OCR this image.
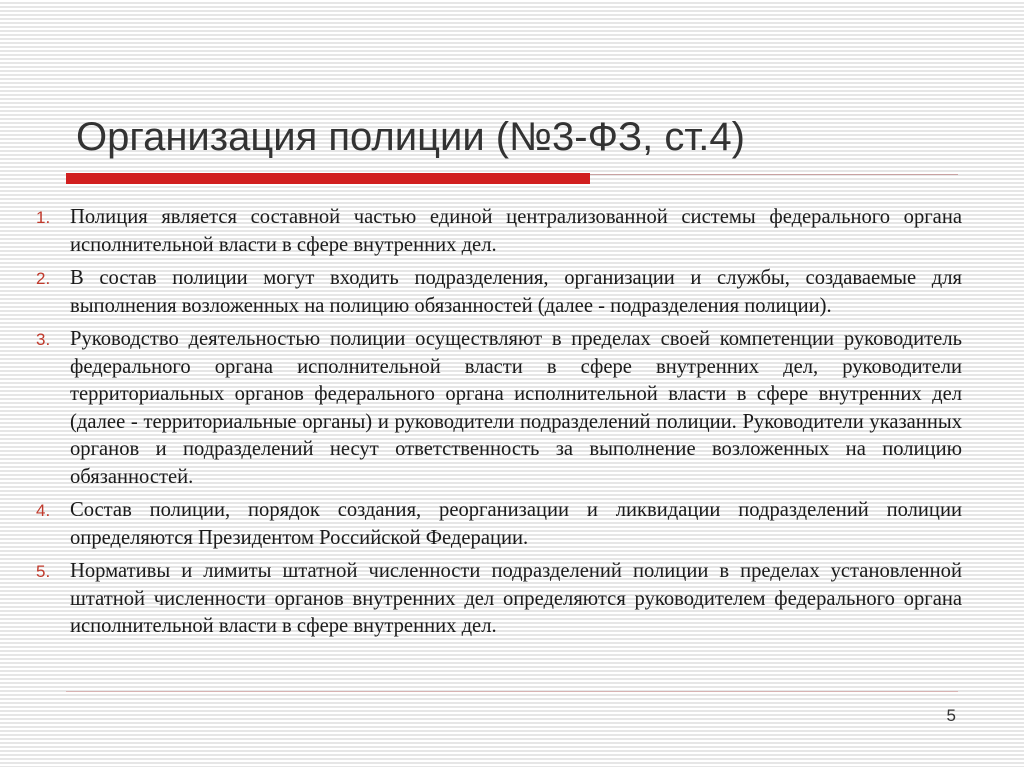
Организация полиции (№3-ФЗ, ст.4)
1. Полиция является составной частью единой централизованной системы федерального органа исполнительной власти в сфере внутренних дел.
2. В состав полиции могут входить подразделения, организации и службы, создаваемые для выполнения возложенных на полицию обязанностей (далее - подразделения полиции).
3. Руководство деятельностью полиции осуществляют в пределах своей компетенции руководитель федерального органа исполнительной власти в сфере внутренних дел, руководители территориальных органов федерального органа исполнительной власти в сфере внутренних дел (далее - территориальные органы) и руководители подразделений полиции. Руководители указанных органов и подразделений несут ответственность за выполнение возложенных на полицию обязанностей.
4. Состав полиции, порядок создания, реорганизации и ликвидации подразделений полиции определяются Президентом Российской Федерации.
5. Нормативы и лимиты штатной численности подразделений полиции в пределах установленной штатной численности органов внутренних дел определяются руководителем федерального органа исполнительной власти в сфере внутренних дел.
5
